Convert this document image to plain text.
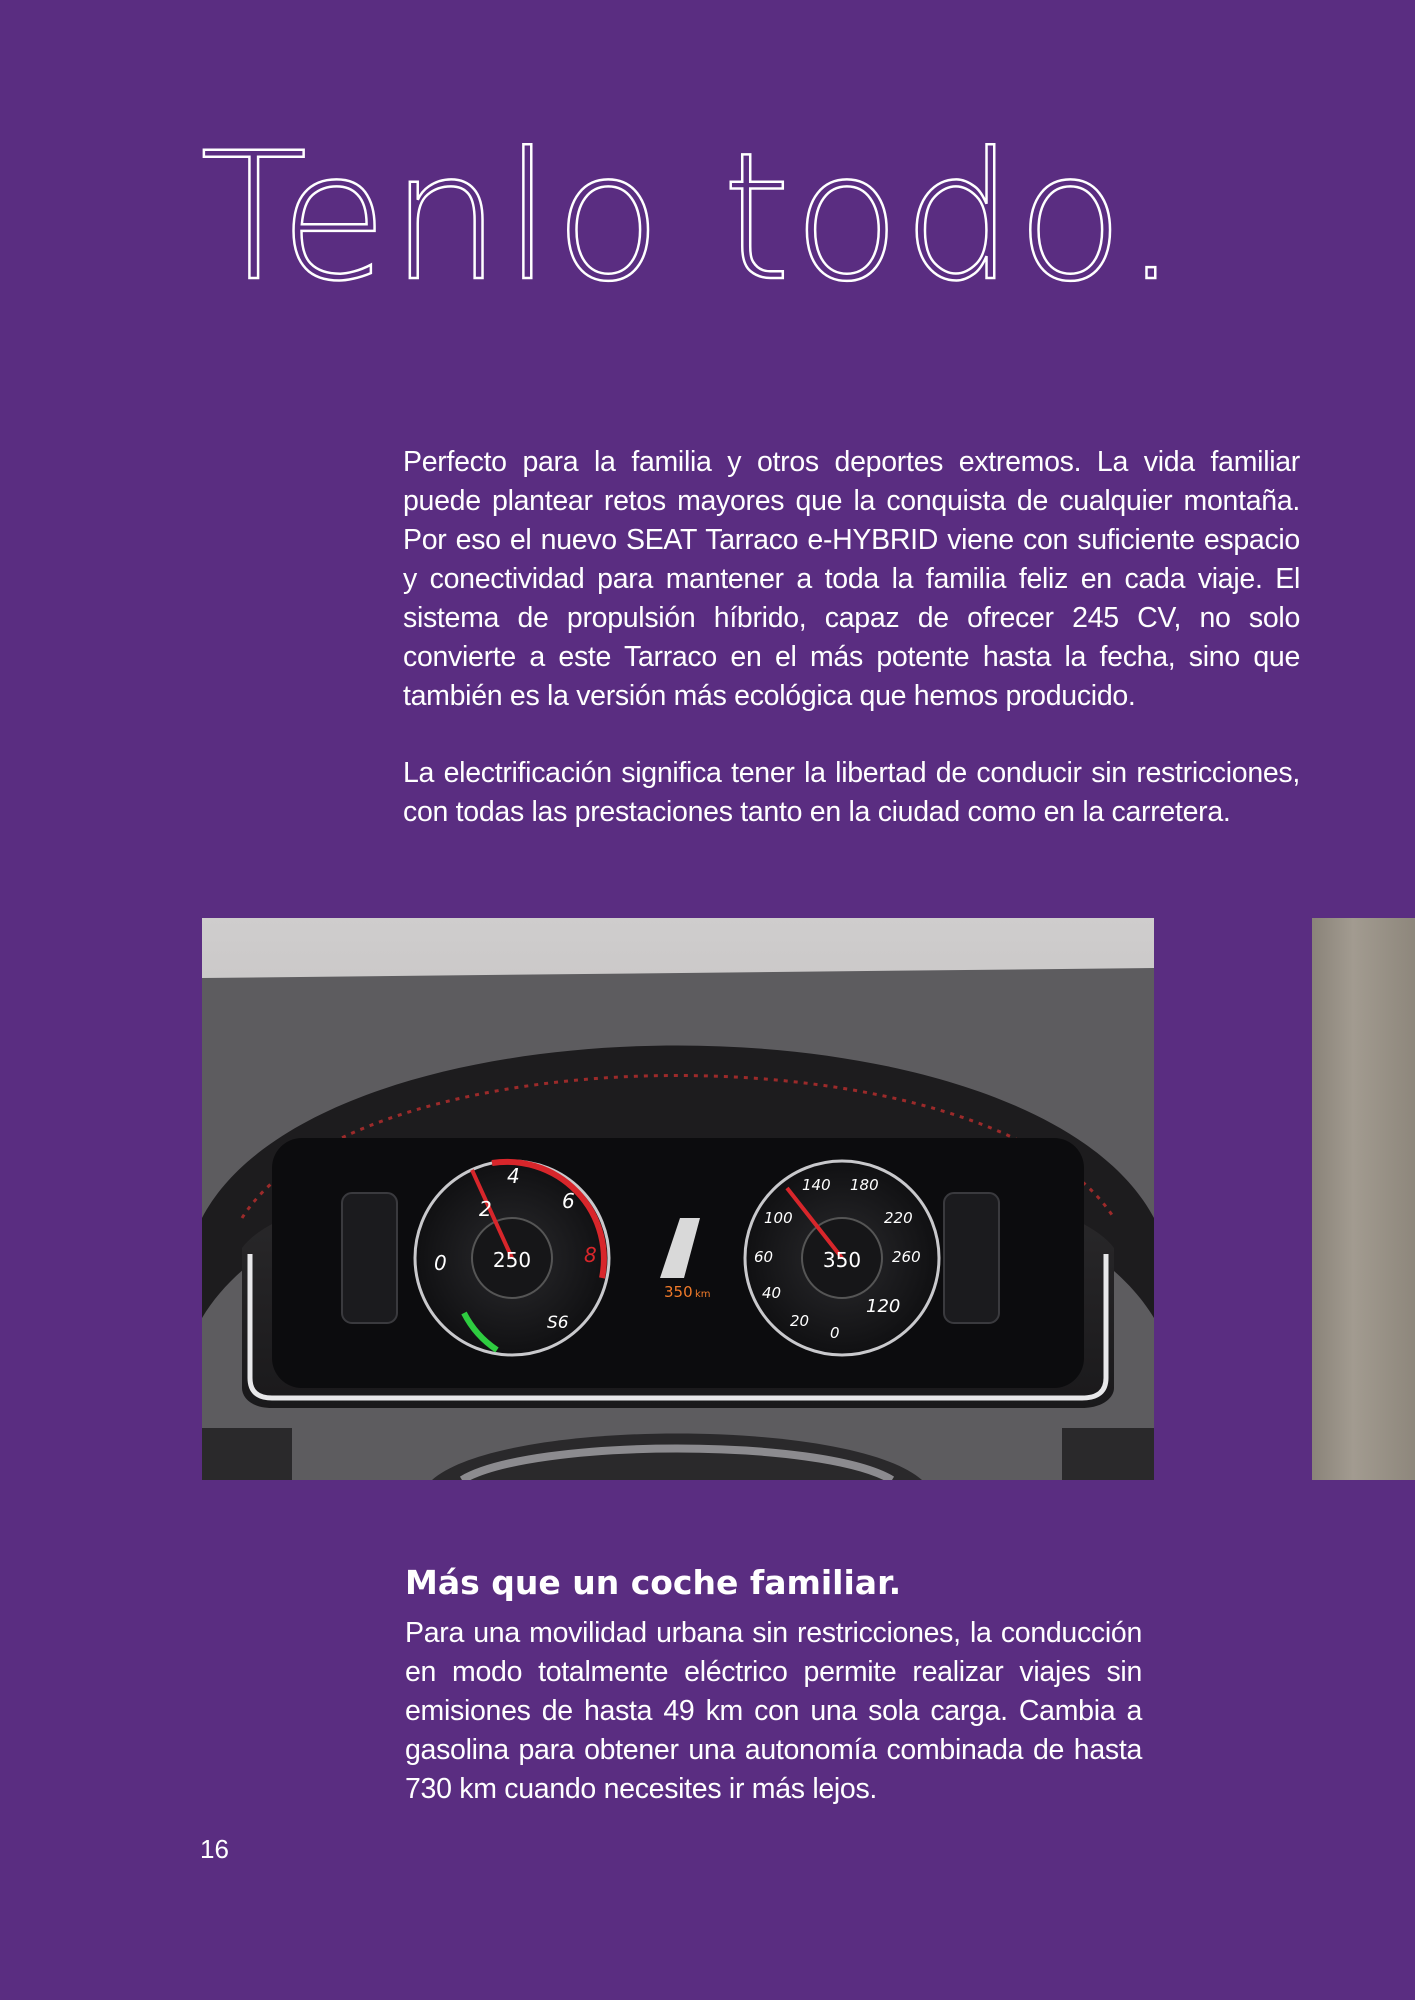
Tenlo todo.

Perfecto para la familia y otros deportes extremos. La vida familiar puede plantear retos mayores que la conquista de cualquier montaña. Por eso el nuevo SEAT Tarraco e-HYBRID viene con suficiente espacio y conectividad para mantener a toda la familia feliz en cada viaje. El sistema de propulsión híbrido, capaz de ofrecer 245 CV, no solo convierte a este Tarraco en el más potente hasta la fecha, sino que también es la versión más ecológica que hemos producido.

La electrificación significa tener la libertad de conducir sin restricciones, con todas las prestaciones tanto en la ciudad como en la carretera.

0
2
4
6
8
250
S6
350 km
0
20
40
60
100
140 180
220
260
120
350
Más que un coche familiar.

Para una movilidad urbana sin restricciones, la conducción en modo totalmente eléctrico permite realizar viajes sin emisiones de hasta 49 km con una sola carga. Cambia a gasolina para obtener una autonomía combinada de hasta 730 km cuando necesites ir más lejos.

16
